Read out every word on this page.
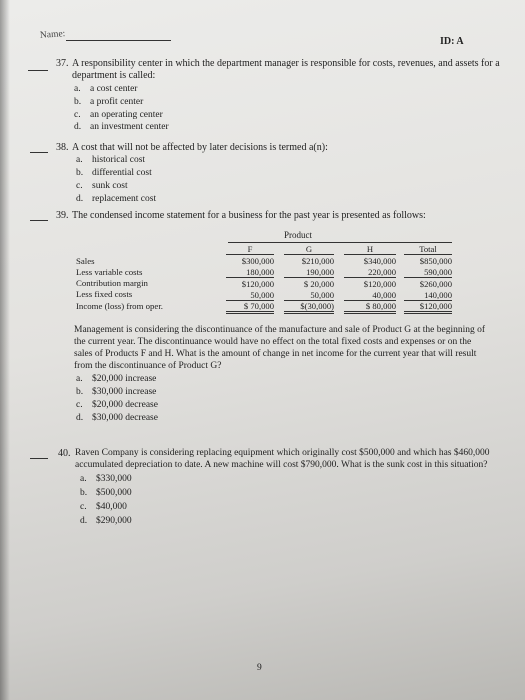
Name:
ID: A
37. A responsibility center in which the department manager is responsible for costs, revenues, and assets for a
department is called:
a. a cost center
b. a profit center
c. an operating center
d. an investment center
38. A cost that will not be affected by later decisions is termed a(n):
a. historical cost
b. differential cost
c. sunk cost
d. replacement cost
39. The condensed income statement for a business for the past year is presented as follows:
Product
F	G	H	Total
Sales	$300,000	$210,000	$340,000	$850,000
Less variable costs	180,000	190,000	220,000	590,000
Contribution margin	$120,000	$ 20,000	$120,000	$260,000
Less fixed costs	50,000	50,000	40,000	140,000
Income (loss) from oper.	$ 70,000	$(30,000)	$ 80,000	$120,000
Management is considering the discontinuance of the manufacture and sale of Product G at the beginning of
the current year. The discontinuance would have no effect on the total fixed costs and expenses or on the
sales of Products F and H. What is the amount of change in net income for the current year that will result
from the discontinuance of Product G?
a. $20,000 increase
b. $30,000 increase
c. $20,000 decrease
d. $30,000 decrease
40. Raven Company is considering replacing equipment which originally cost $500,000 and which has $460,000
accumulated depreciation to date. A new machine will cost $790,000. What is the sunk cost in this situation?
a. $330,000
b. $500,000
c. $40,000
d. $290,000
9
